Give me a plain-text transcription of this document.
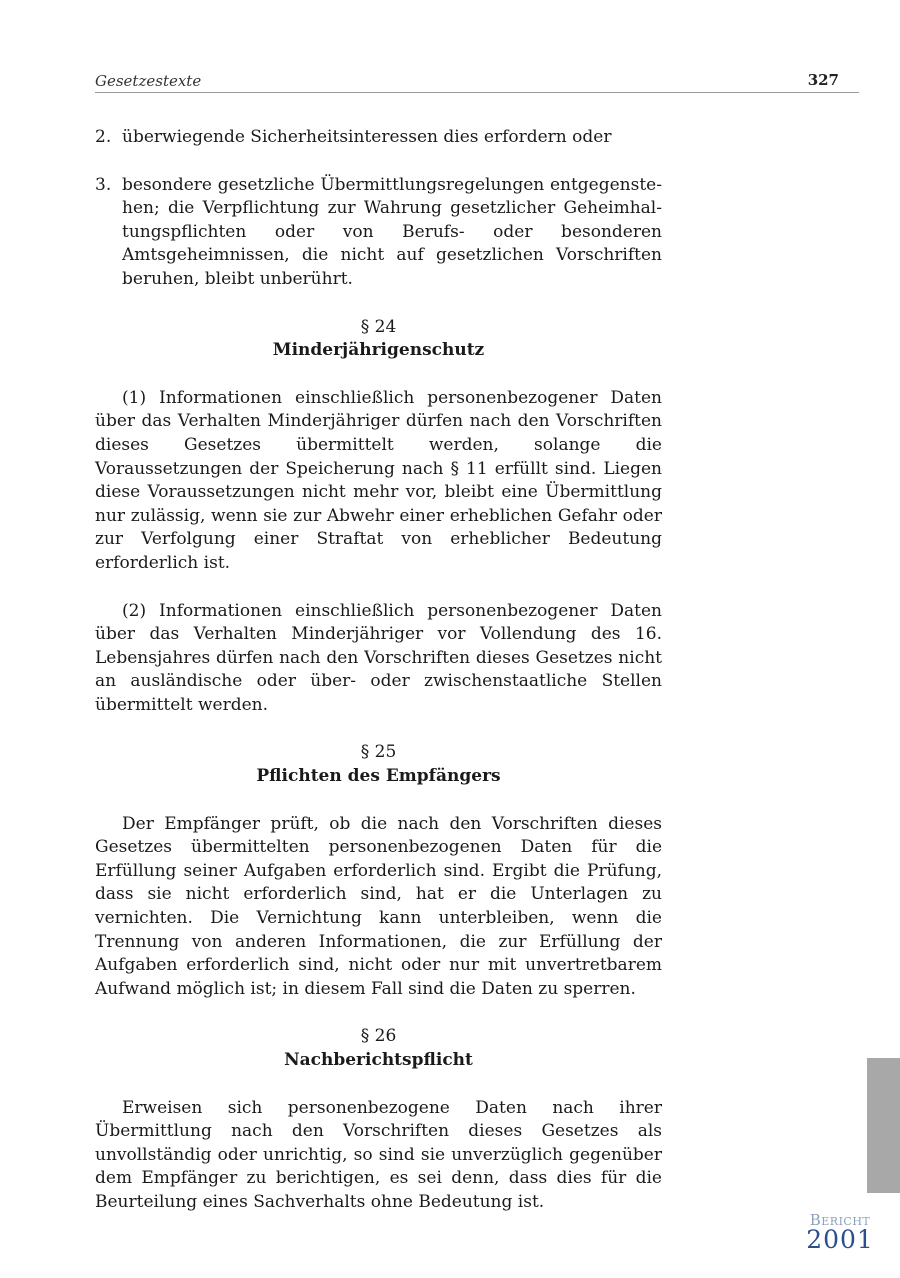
Gesetzestexte	327
2. überwiegende Sicherheitsinteressen dies erfordern oder
3. besondere gesetzliche Übermittlungsregelungen entgegenstehen; die Verpflichtung zur Wahrung gesetzlicher Geheimhaltungspflichten oder von Berufs- oder besonderen Amtsgeheimnissen, die nicht auf gesetzlichen Vorschriften beruhen, bleibt unberührt.
§ 24
Minderjährigenschutz

(1) Informationen einschließlich personenbezogener Daten über das Verhalten Minderjähriger dürfen nach den Vorschriften dieses Gesetzes übermittelt werden, solange die Voraussetzungen der Speicherung nach § 11 erfüllt sind. Liegen diese Voraussetzungen nicht mehr vor, bleibt eine Übermittlung nur zulässig, wenn sie zur Abwehr einer erheblichen Gefahr oder zur Verfolgung einer Straftat von erheblicher Bedeutung erforderlich ist.

(2) Informationen einschließlich personenbezogener Daten über das Verhalten Minderjähriger vor Vollendung des 16. Lebensjahres dürfen nach den Vorschriften dieses Gesetzes nicht an ausländische oder über- oder zwischenstaatliche Stellen übermittelt werden.

§ 25
Pflichten des Empfängers

Der Empfänger prüft, ob die nach den Vorschriften dieses Gesetzes übermittelten personenbezogenen Daten für die Erfüllung seiner Aufgaben erforderlich sind. Ergibt die Prüfung, dass sie nicht erforderlich sind, hat er die Unterlagen zu vernichten. Die Vernichtung kann unterbleiben, wenn die Trennung von anderen Informationen, die zur Erfüllung der Aufgaben erforderlich sind, nicht oder nur mit unvertretbarem Aufwand möglich ist; in diesem Fall sind die Daten zu sperren.

§ 26
Nachberichtspflicht

Erweisen sich personenbezogene Daten nach ihrer Übermittlung nach den Vorschriften dieses Gesetzes als unvollständig oder unrichtig, so sind sie unverzüglich gegenüber dem Empfänger zu berichtigen, es sei denn, dass dies für die Beurteilung eines Sachverhalts ohne Bedeutung ist.

Bericht
2001
